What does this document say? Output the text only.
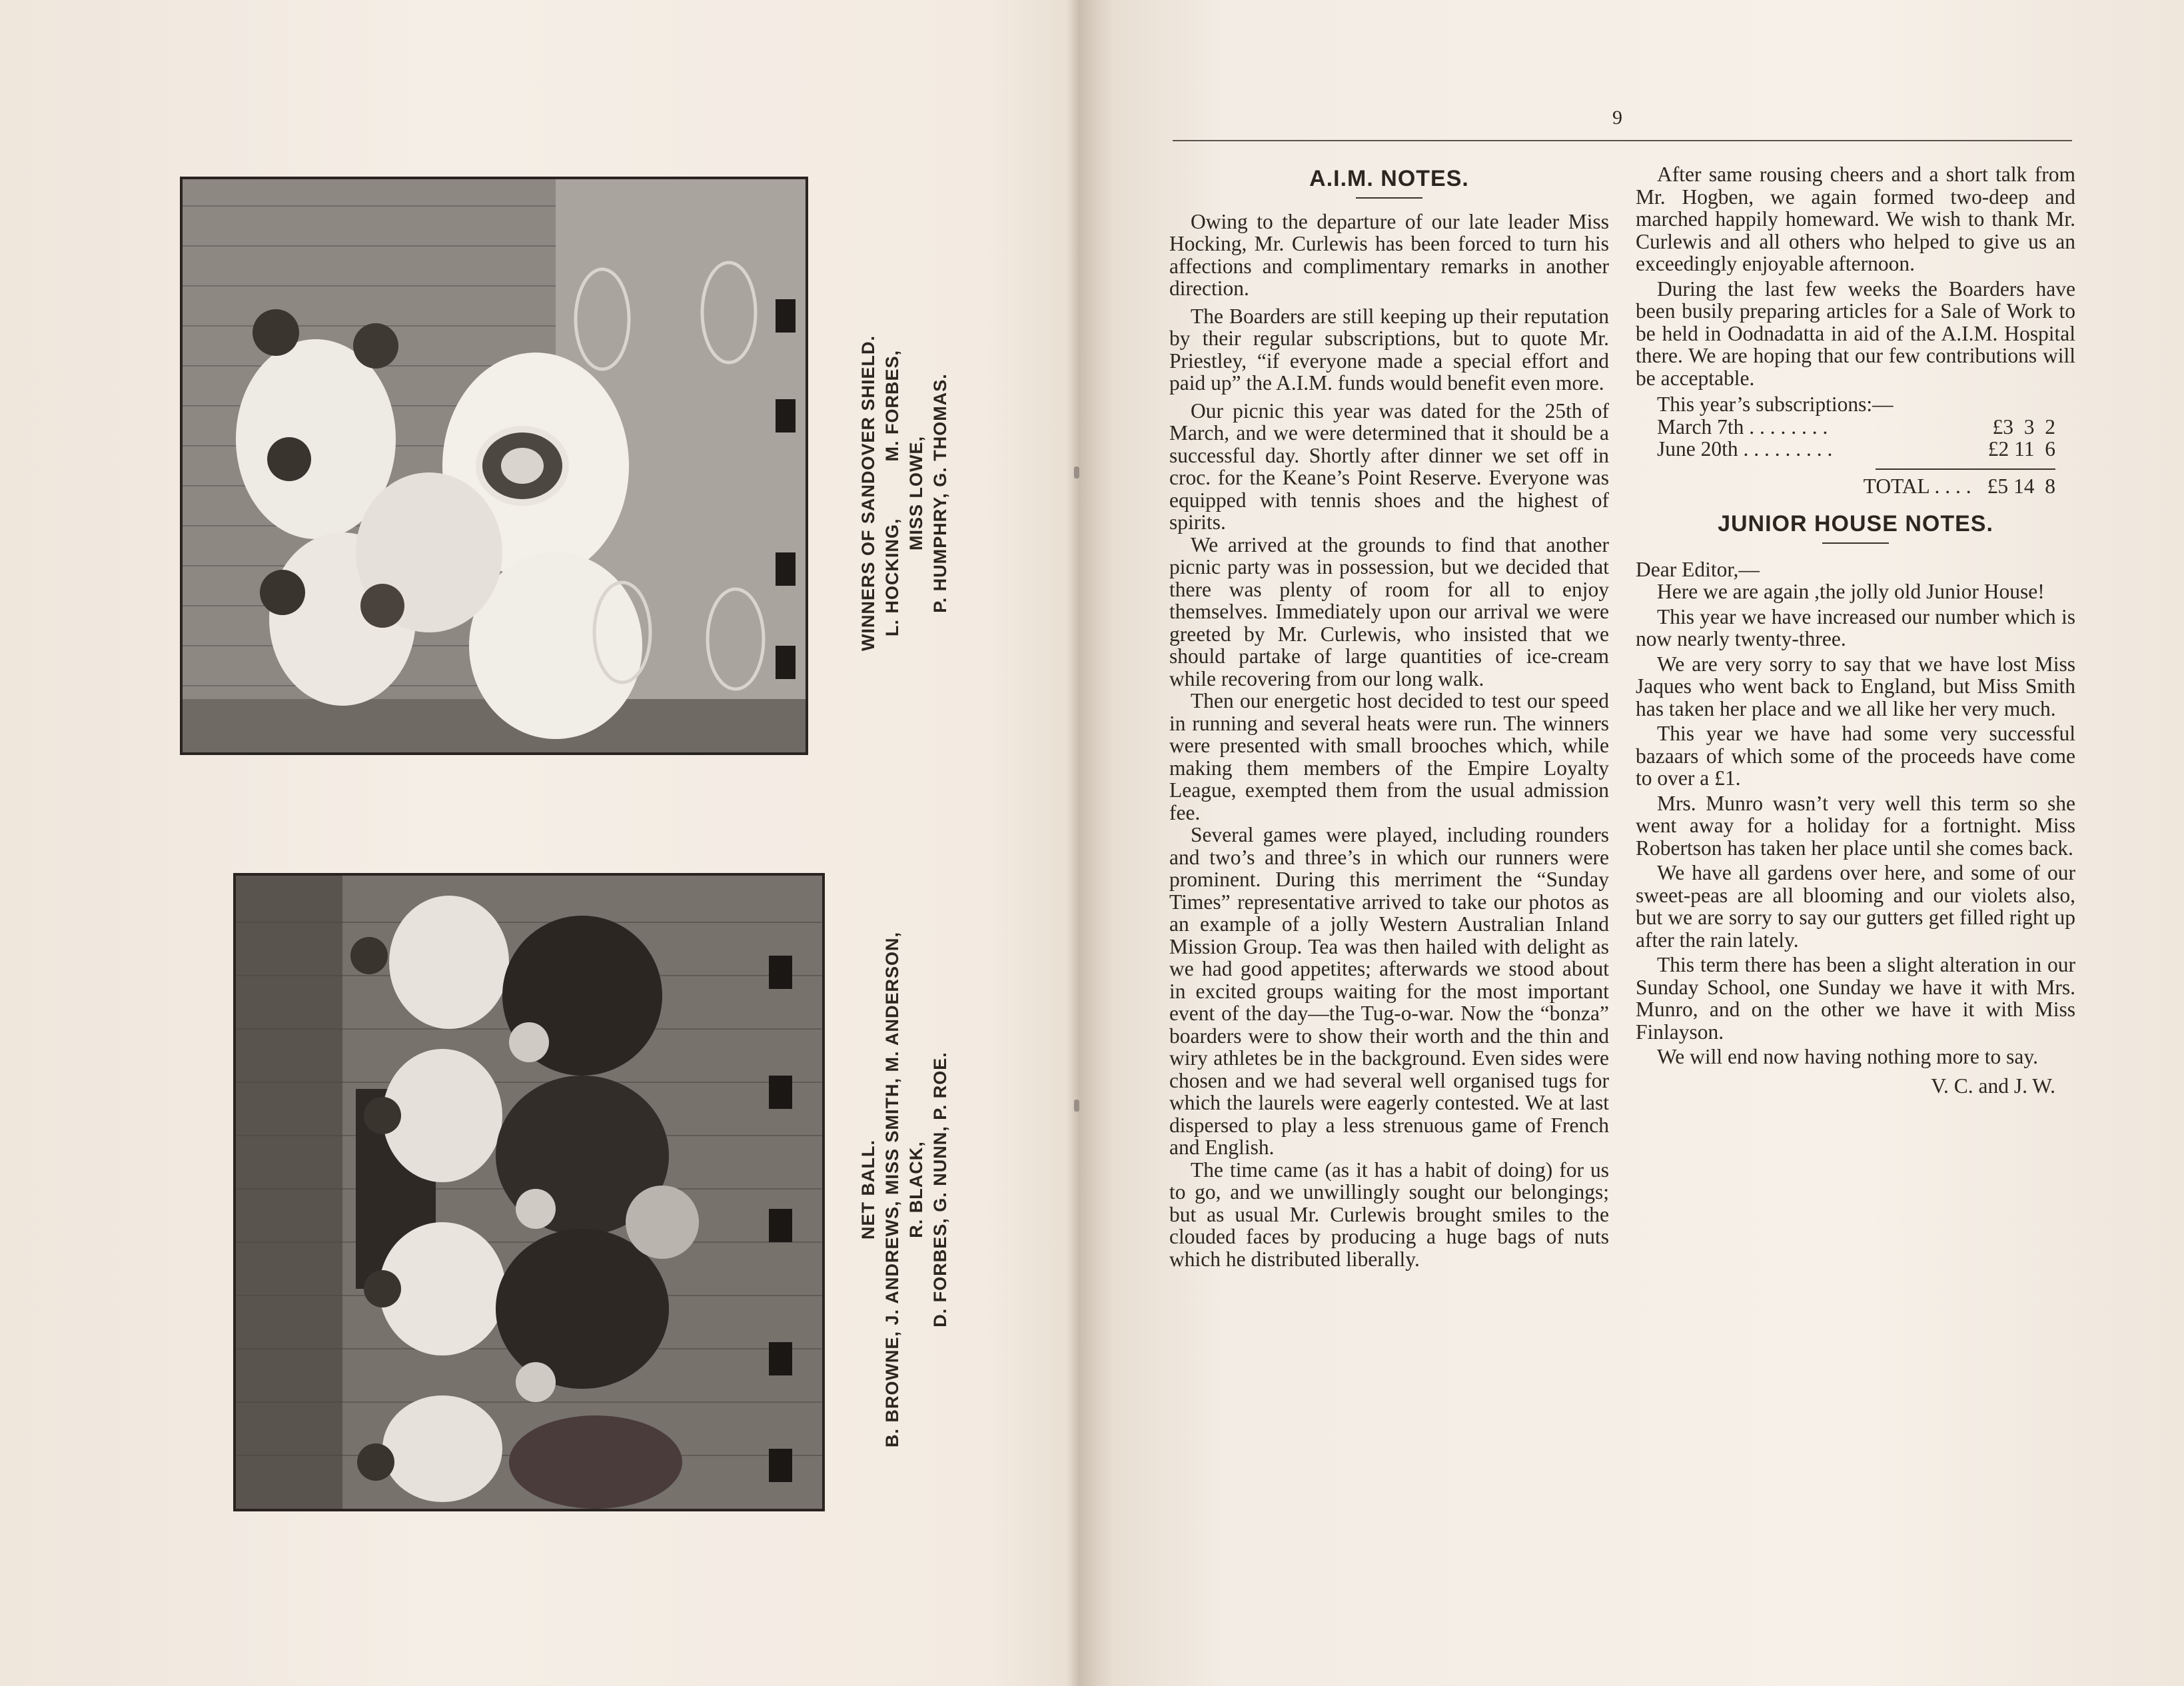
WINNERS OF SANDOVER SHIELD. L. HOCKING,          M. FORBES, MISS LOWE, P. HUMPHRY, G. THOMAS.
NET BALL. B. BROWNE, J. ANDREWS, MISS SMITH, M. ANDERSON, R. BLACK, D. FORBES, G. NUNN, P. ROE.
9
A.I.M. NOTES.

Owing to the departure of our late leader Miss Hocking, Mr. Curlewis has been forced to turn his affections and complimentary remarks in another direction.

The Boarders are still keeping up their reputation by their regular subscriptions, but to quote Mr. Priestley, “if everyone made a special effort and paid up” the A.I.M. funds would benefit even more.

Our picnic this year was dated for the 25th of March, and we were determined that it should be a successful day. Shortly after dinner we set off in croc. for the Keane’s Point Reserve. Everyone was equipped with tennis shoes and the highest of spirits.

We arrived at the grounds to find that another picnic party was in possession, but we decided that there was plenty of room for all to enjoy themselves. Immediately upon our arrival we were greeted by Mr. Curlewis, who insisted that we should partake of large quantities of ice-cream while recovering from our long walk.

Then our energetic host decided to test our speed in running and several heats were run. The winners were presented with small brooches which, while making them members of the Empire Loyalty League, exempted them from the usual admission fee.

Several games were played, including rounders and two’s and three’s in which our runners were prominent. During this merriment the “Sunday Times” representative arrived to take our photos as an example of a jolly Western Australian Inland Mission Group. Tea was then hailed with delight as we had good appetites; afterwards we stood about in excited groups waiting for the most important event of the day—the Tug-o-war. Now the “bonza” boarders were to show their worth and the thin and wiry athletes be in the background. Even sides were chosen and we had several well organised tugs for which the laurels were eagerly contested. We at last dispersed to play a less strenuous game of French and English.

The time came (as it has a habit of doing) for us to go, and we unwillingly sought our belongings; but as usual Mr. Curlewis brought smiles to the clouded faces by producing a huge bags of nuts which he distributed liberally.

After same rousing cheers and a short talk from Mr. Hogben, we again formed two-deep and marched happily homeward. We wish to thank Mr. Curlewis and all others who helped to give us an exceedingly enjoyable afternoon.

During the last few weeks the Boarders have been busily preparing articles for a Sale of Work to be held in Oodnadatta in aid of the A.I.M. Hospital there. We are hoping that our few contributions will be acceptable.

This year’s subscriptions:—
March 7th . . . . . . . .	£3  3  2
June 20th . . . . . . . . .	£2 11  6
TOTAL . . . . £5 14  8
JUNIOR HOUSE NOTES.

Dear Editor,—

Here we are again ,the jolly old Junior House!

This year we have increased our number which is now nearly twenty-three.

We are very sorry to say that we have lost Miss Jaques who went back to England, but Miss Smith has taken her place and we all like her very much.

This year we have had some very successful bazaars of which some of the proceeds have come to over a £1.

Mrs. Munro wasn’t very well this term so she went away for a holiday for a fortnight. Miss Robertson has taken her place until she comes back.

We have all gardens over here, and some of our sweet-peas are all blooming and our violets also, but we are sorry to say our gutters get filled right up after the rain lately.

This term there has been a slight alteration in our Sunday School, one Sunday we have it with Mrs. Munro, and on the other we have it with Miss Finlayson.

We will end now having nothing more to say.

V. C. and J. W.
